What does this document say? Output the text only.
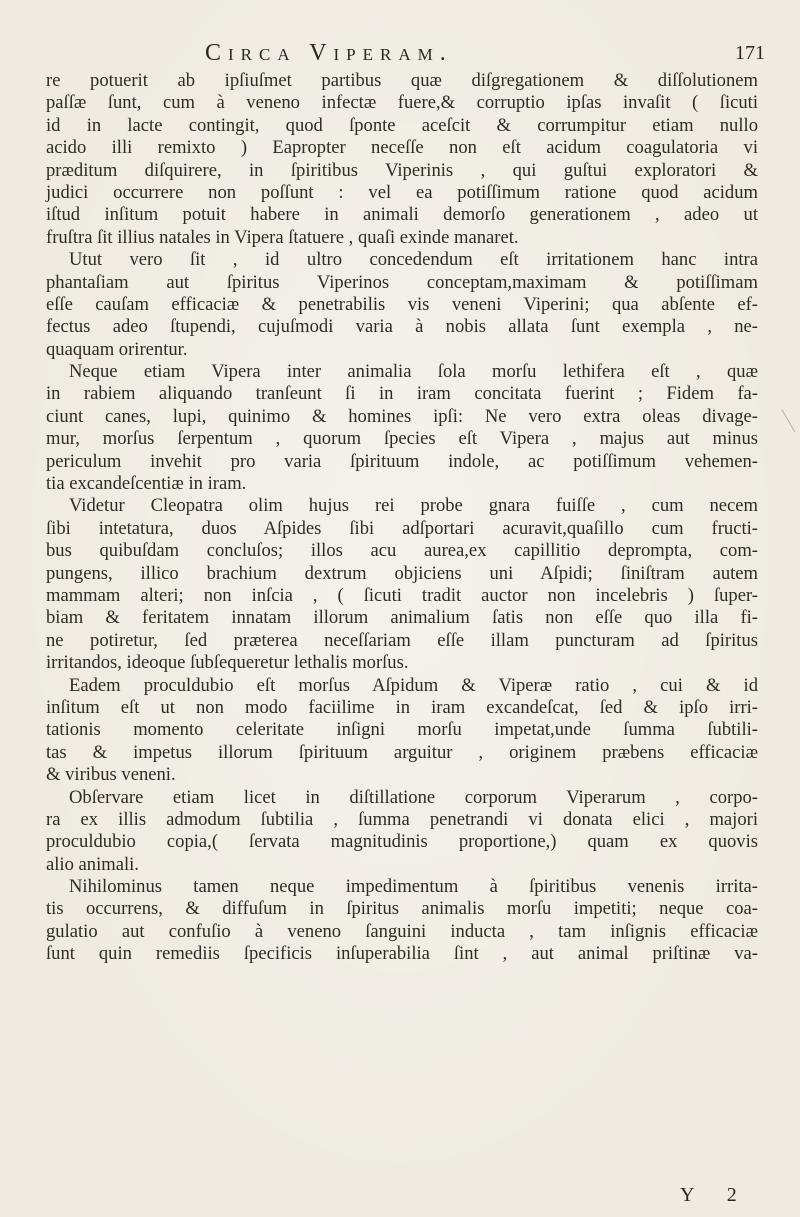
Circa Viperam.	171
re potuerit ab ipſiuſmet partibus quæ diſgregationem & diſſolutionem
paſſæ ſunt, cum à veneno infectæ fuere,& corruptio ipſas invaſit ( ſicuti
id in lacte contingit, quod ſponte aceſcit & corrumpitur etiam nullo
acido illi remixto ) Eapropter neceſſe non eſt acidum coagulatoria vi
præditum diſquirere, in ſpiritibus Viperinis , qui guſtui exploratori &
judici occurrere non poſſunt : vel ea potiſſimum ratione quod acidum
iſtud inſitum potuit habere in animali demorſo generationem , adeo ut
fruſtra ſit illius natales in Vipera ſtatuere , quaſi exinde manaret.
Utut vero ſit , id ultro concedendum eſt irritationem hanc intra
phantaſiam aut ſpiritus Viperinos conceptam,maximam & potiſſimam
eſſe cauſam efficaciæ & penetrabilis vis veneni Viperini; qua abſente ef-
fectus adeo ſtupendi, cujuſmodi varia à nobis allata ſunt exempla , ne-
quaquam orirentur.
Neque etiam Vipera inter animalia ſola morſu lethifera eſt , quæ
in rabiem aliquando tranſeunt ſi in iram concitata fuerint ; Fidem fa-
ciunt canes, lupi, quinimo & homines ipſi: Ne vero extra oleas divage-
mur, morſus ſerpentum , quorum ſpecies eſt Vipera , majus aut minus
periculum invehit pro varia ſpirituum indole, ac potiſſimum vehemen-
tia excandeſcentiæ in iram.
Videtur Cleopatra olim hujus rei probe gnara fuiſſe , cum necem
ſibi intetatura, duos Aſpides ſibi adſportari acuravit,quaſillo cum fructi-
bus quibuſdam concluſos; illos acu aurea,ex capillitio deprompta, com-
pungens, illico brachium dextrum objiciens uni Aſpidi; ſiniſtram autem
mammam alteri; non inſcia , ( ſicuti tradit auctor non incelebris ) ſuper-
biam & feritatem innatam illorum animalium ſatis non eſſe quo illa fi-
ne potiretur, ſed præterea neceſſariam eſſe illam puncturam ad ſpiritus
irritandos, ideoque ſubſequeretur lethalis morſus.
Eadem proculdubio eſt morſus Aſpidum & Viperæ ratio , cui & id
inſitum eſt ut non modo faciilime in iram excandeſcat, ſed & ipſo irri-
tationis momento celeritate inſigni morſu impetat,unde ſumma ſubtili-
tas & impetus illorum ſpirituum arguitur , originem præbens efficaciæ
& viribus veneni.
Obſervare etiam licet in diſtillatione corporum Viperarum , corpo-
ra ex illis admodum ſubtilia , ſumma penetrandi vi donata elici , majori
proculdubio copia,( ſervata magnitudinis proportione,) quam ex quovis
alio animali.
Nihilominus tamen neque impedimentum à ſpiritibus venenis irrita-
tis occurrens, & diffuſum in ſpiritus animalis morſu impetiti; neque coa-
gulatio aut confuſio à veneno ſanguini inducta , tam inſignis efficaciæ
ſunt quin remediis ſpecificis inſuperabilia ſint , aut animal priſtinæ va-
Y 2
